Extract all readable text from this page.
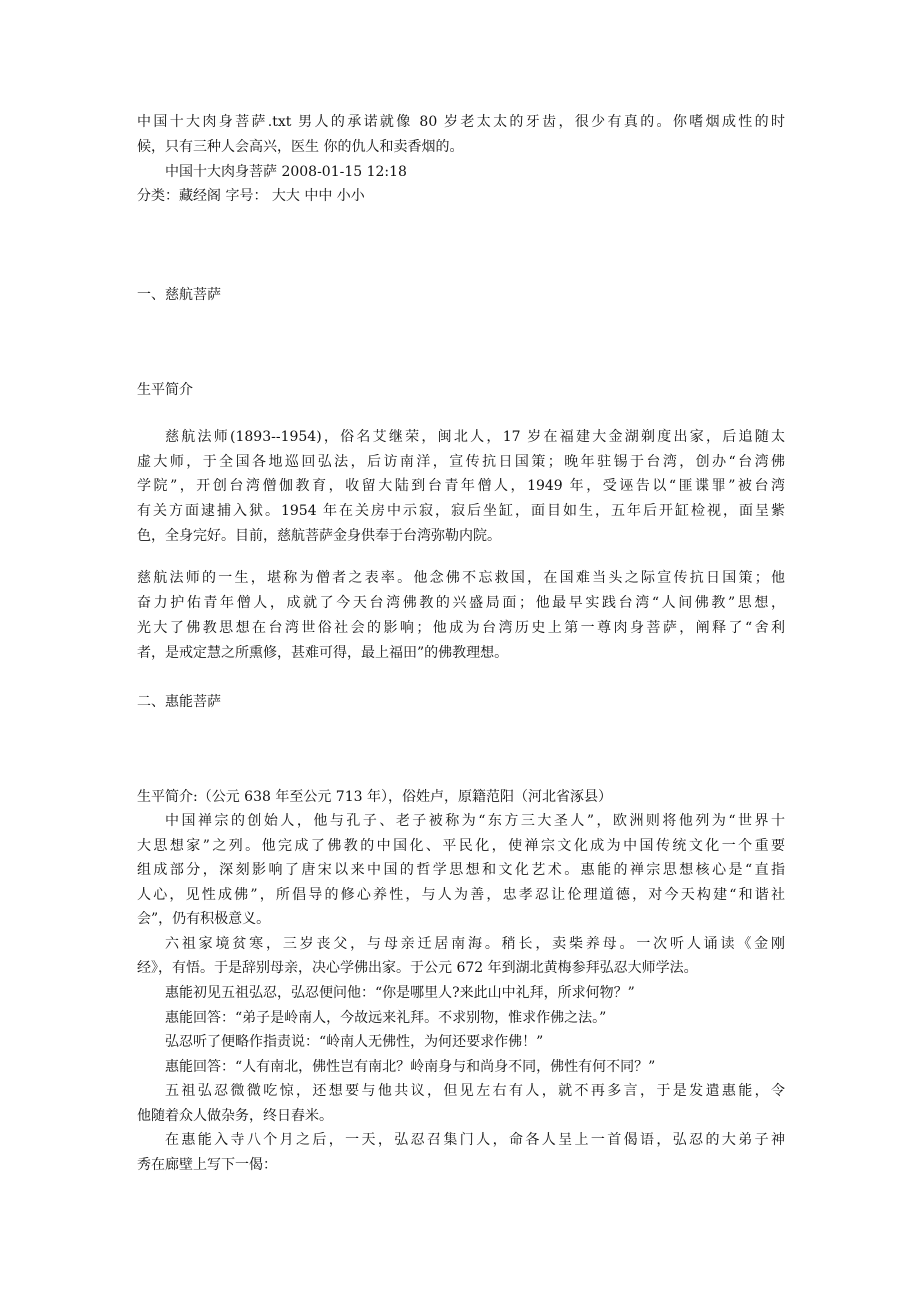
中国十大肉身菩萨.txt 男人的承诺就像 80 岁老太太的牙齿，很少有真的。你嗜烟成性的时
候，只有三种人会高兴，医生 你的仇人和卖香烟的。
中国十大肉身菩萨 2008-01-15 12:18
分类：藏经阁 字号： 大大 中中 小小
一、慈航菩萨
生平简介
慈航法师(1893--1954)，俗名艾继荣，闽北人，17 岁在福建大金湖剃度出家，后追随太
虚大师，于全国各地巡回弘法，后访南洋，宣传抗日国策；晚年驻锡于台湾，创办“台湾佛
学院”，开创台湾僧伽教育，收留大陆到台青年僧人，1949 年，受诬告以“匪谍罪”被台湾
有关方面逮捕入狱。1954 年在关房中示寂，寂后坐缸，面目如生，五年后开缸检视，面呈紫
色，全身完好。目前，慈航菩萨金身供奉于台湾弥勒内院。
慈航法师的一生，堪称为僧者之表率。他念佛不忘救国，在国难当头之际宣传抗日国策；他
奋力护佑青年僧人，成就了今天台湾佛教的兴盛局面；他最早实践台湾“人间佛教”思想，
光大了佛教思想在台湾世俗社会的影响；他成为台湾历史上第一尊肉身菩萨，阐释了“舍利
者，是戒定慧之所熏修，甚难可得，最上福田”的佛教理想。
二、惠能菩萨
生平简介:（公元 638 年至公元 713 年），俗姓卢，原籍范阳（河北省涿县）
中国禅宗的创始人，他与孔子、老子被称为“东方三大圣人”，欧洲则将他列为“世界十
大思想家”之列。他完成了佛教的中国化、平民化，使禅宗文化成为中国传统文化一个重要
组成部分，深刻影响了唐宋以来中国的哲学思想和文化艺术。惠能的禅宗思想核心是“直指
人心，见性成佛”，所倡导的修心养性，与人为善，忠孝忍让伦理道德，对今天构建“和谐社
会”，仍有积极意义。
六祖家境贫寒，三岁丧父，与母亲迁居南海。稍长，卖柴养母。一次听人诵读《金刚
经》，有悟。于是辞别母亲，决心学佛出家。于公元 672 年到湖北黄梅参拜弘忍大师学法。
惠能初见五祖弘忍，弘忍便问他：“你是哪里人?来此山中礼拜，所求何物？”
惠能回答：“弟子是岭南人，今故远来礼拜。不求别物，惟求作佛之法。”
弘忍听了便略作指责说：“岭南人无佛性，为何还要求作佛！”
惠能回答：“人有南北，佛性岂有南北？岭南身与和尚身不同，佛性有何不同？”
五祖弘忍微微吃惊，还想要与他共议，但见左右有人，就不再多言，于是发遣惠能，令
他随着众人做杂务，终日舂米。
在惠能入寺八个月之后，一天，弘忍召集门人，命各人呈上一首偈语，弘忍的大弟子神
秀在廊壁上写下一偈：
